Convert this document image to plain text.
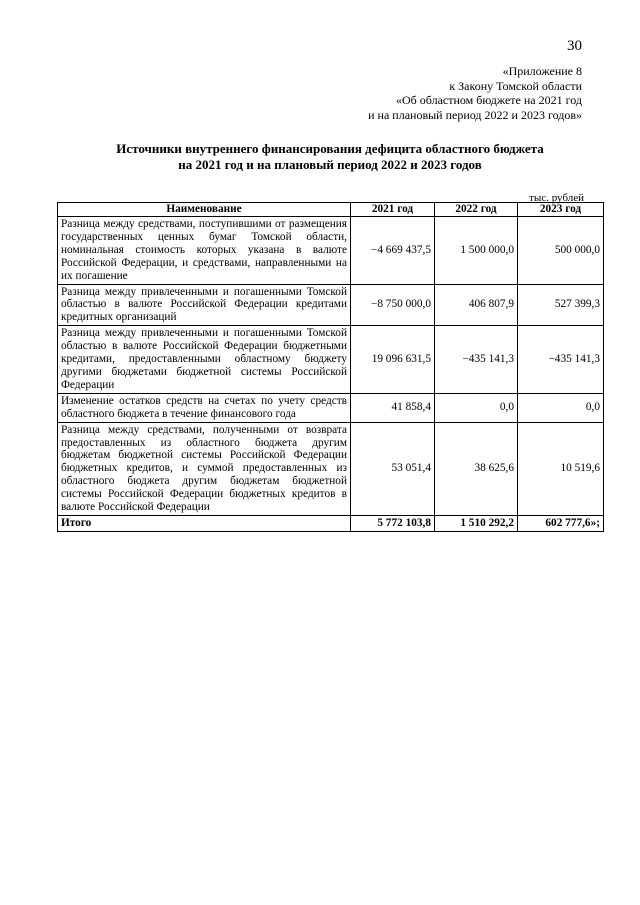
30
«Приложение 8
к Закону Томской области
«Об областном бюджете на 2021 год
и на плановый период 2022 и 2023 годов»
Источники внутреннего финансирования дефицита областного бюджета
на 2021 год и на плановый период 2022 и 2023 годов
тыс. рублей
Наименование	2021 год	2022 год	2023 год
Разница между средствами, поступившими от размещения государственных ценных бумаг Томской области, номинальная стоимость которых указана в валюте Российской Федерации, и средствами, направленными на их погашение	−4 669 437,5	1 500 000,0	500 000,0
Разница между привлеченными и погашенными Томской областью в валюте Российской Федерации кредитами кредитных организаций	−8 750 000,0	406 807,9	527 399,3
Разница между привлеченными и погашенными Томской областью в валюте Российской Федерации бюджетными кредитами, предоставленными областному бюджету другими бюджетами бюджетной системы Российской Федерации	19 096 631,5	−435 141,3	−435 141,3
Изменение остатков средств на счетах по учету средств областного бюджета в течение финансового года	41 858,4	0,0	0,0
Разница между средствами, полученными от возврата предоставленных из областного бюджета другим бюджетам бюджетной системы Российской Федерации бюджетных кредитов, и суммой предоставленных из областного бюджета другим бюджетам бюджетной системы Российской Федерации бюджетных кредитов в валюте Российской Федерации	53 051,4	38 625,6	10 519,6
Итого	5 772 103,8	1 510 292,2	602 777,6»;
